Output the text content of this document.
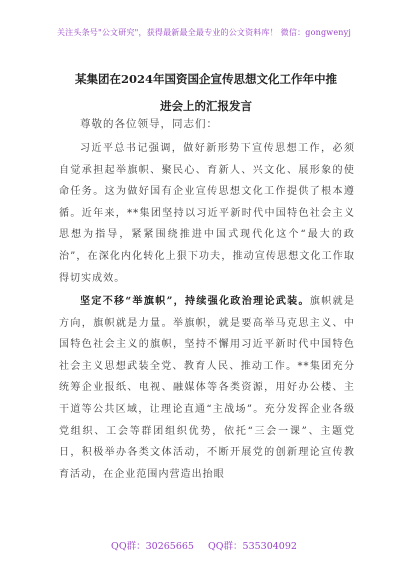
关注头条号"公文研究"，获得最新最全最专业的公文资料库！ 微信：gongwenyj
某集团在2024年国资国企宣传思想文化工作年中推进会上的汇报发言
尊敬的各位领导，同志们：

习近平总书记强调，做好新形势下宣传思想工作，必须自觉承担起举旗帜、聚民心、育新人、兴文化、展形象的使命任务。这为做好国有企业宣传思想文化工作提供了根本遵循。近年来，**集团坚持以习近平新时代中国特色社会主义思想为指导，紧紧围绕推进中国式现代化这个“最大的政治”，在深化内化转化上狠下功夫，推动宣传思想文化工作取得切实成效。

坚定不移“举旗帜”，持续强化政治理论武装。旗帜就是方向，旗帜就是力量。举旗帜，就是要高举马克思主义、中国特色社会主义的旗帜，坚持不懈用习近平新时代中国特色社会主义思想武装全党、教育人民、推动工作。**集团充分统筹企业报纸、电视、融媒体等各类资源，用好办公楼、主干道等公共区域，让理论直通“主战场”。充分发挥企业各级党组织、工会等群团组织优势，依托“三会一课”、主题党日，积极举办各类文体活动，不断开展党的创新理论宣传教育活动，在企业范围内营造出抬眼

QQ群：30265665 QQ群：535304092
